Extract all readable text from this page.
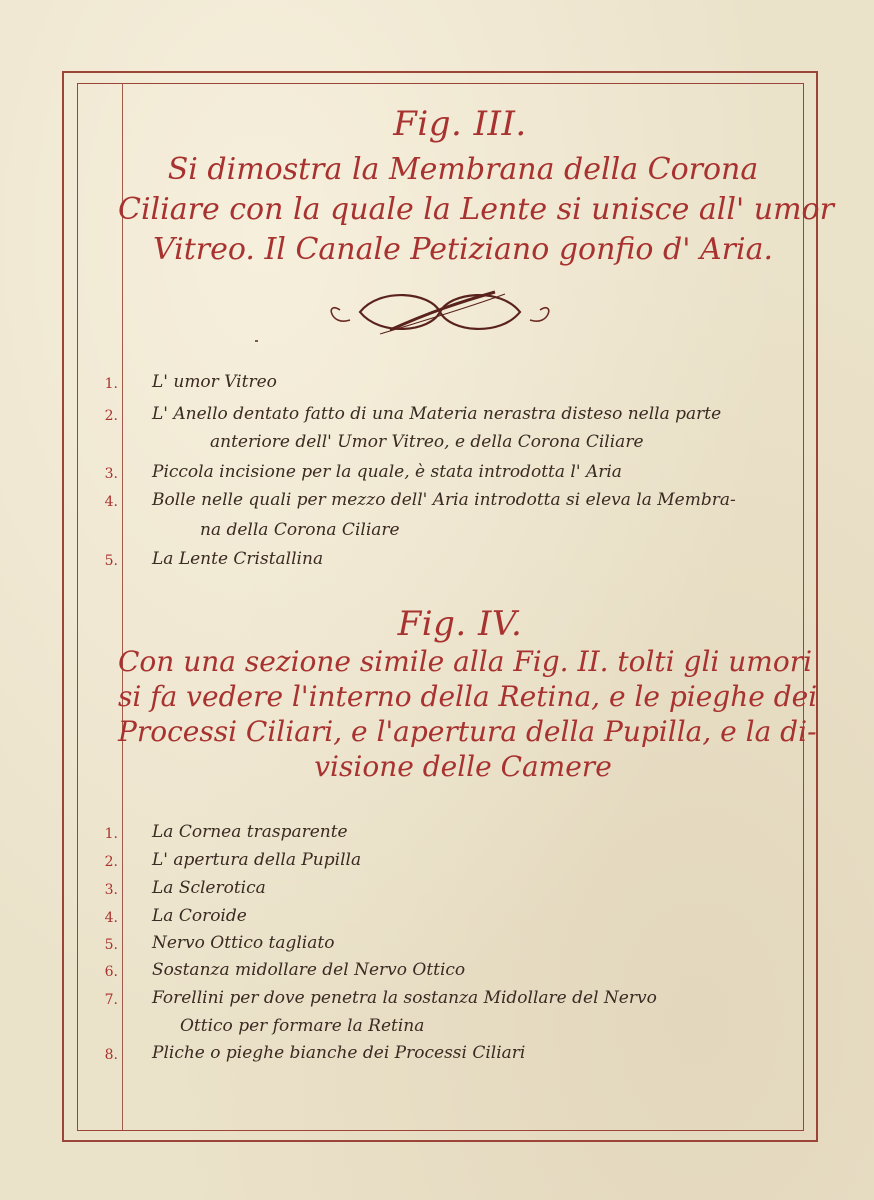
Fig. III.
Si dimostra la Membrana della Corona
Ciliare con la quale la Lente si unisce all' umor
Vitreo. Il Canale Petiziano gonfio d' Aria.
1. L' umor Vitreo
2. L' Anello dentato fatto di una Materia nerastra disteso nella parte
anteriore dell' Umor Vitreo, e della Corona Ciliare
3. Piccola incisione per la quale, è stata introdotta l' Aria
4. Bolle nelle quali per mezzo dell' Aria introdotta si eleva la Membra-
na della Corona Ciliare
5. La Lente Cristallina
Fig. IV.
Con una sezione simile alla Fig. II. tolti gli umori
si fa vedere l'interno della Retina, e le pieghe dei
Processi Ciliari, e l'apertura della Pupilla, e la di-
visione delle Camere
1. La Cornea trasparente
2. L' apertura della Pupilla
3. La Sclerotica
4. La Coroide
5. Nervo Ottico tagliato
6. Sostanza midollare del Nervo Ottico
7. Forellini per dove penetra la sostanza Midollare del Nervo
Ottico per formare la Retina
8. Pliche o pieghe bianche dei Processi Ciliari
